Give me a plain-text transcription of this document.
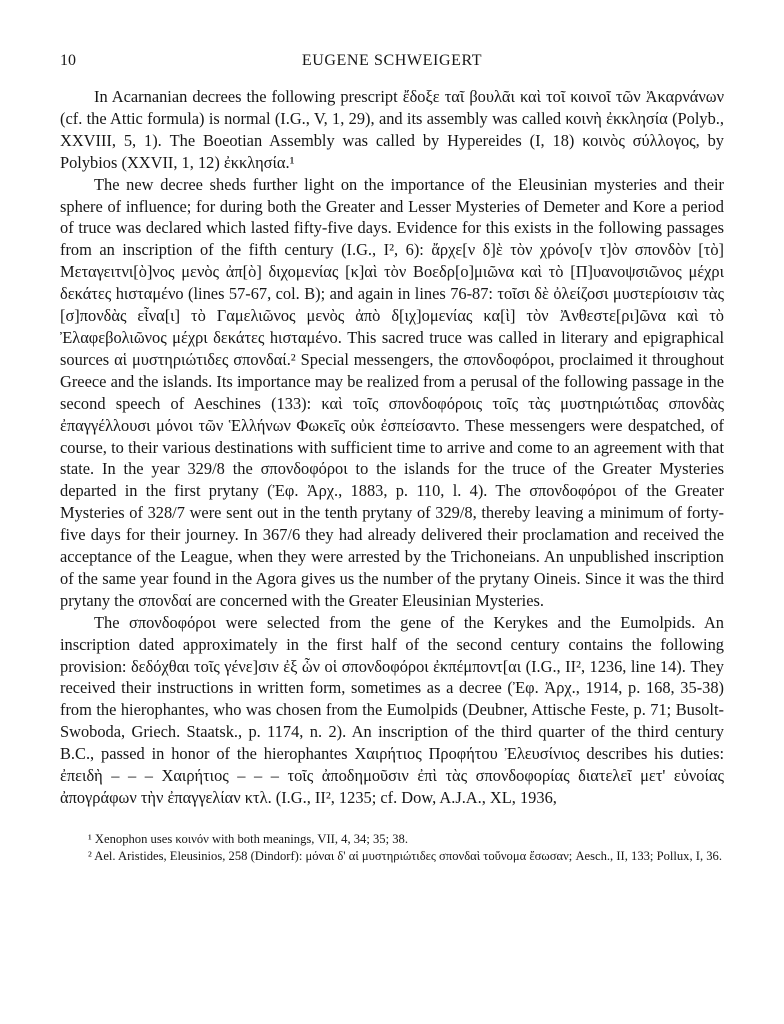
10	EUGENE SCHWEIGERT

In Acarnanian decrees the following prescript ἔδοξε ταῖ βουλᾶι καὶ τοῖ κοινοῖ τῶν Ἀκαρνάνων (cf. the Attic formula) is normal (I.G., V, 1, 29), and its assembly was called κοινὴ ἐκκλησία (Polyb., XXVIII, 5, 1). The Boeotian Assembly was called by Hypereides (I, 18) κοινὸς σύλλογος, by Polybios (XXVII, 1, 12) ἐκκλησία.¹

The new decree sheds further light on the importance of the Eleusinian mysteries and their sphere of influence; for during both the Greater and Lesser Mysteries of Demeter and Kore a period of truce was declared which lasted fifty-five days. Evidence for this exists in the following passages from an inscription of the fifth century (I.G., I², 6): ἄρχε[ν δ]ὲ τὸν χρόνο[ν τ]ὸν σπονδὸν [τὸ] Μεταγειτνι[ὸ]νος μενὸς ἀπ[ὸ] διχομενίας [κ]αὶ τὸν Βοεδρ[ο]μιῶνα καὶ τὸ [Π]υανοψσιῶνος μέχρι δεκάτες hισταμένο (lines 57-67, col. B); and again in lines 76-87: τοῖσι δὲ ὀλείζοσι μυστερίοισιν τὰς [σ]πονδὰς εἶνα[ι] τὸ Γαμελιῶνος μενὸς ἀπὸ δ[ιχ]ομενίας κα[ὶ] τὸν Ἀνθεστε[ρι]ῶνα καὶ τὸ Ἐλαφεβολιῶνος μέχρι δεκάτες hισταμένο. This sacred truce was called in literary and epigraphical sources αἱ μυστηριώτιδες σπονδαί.² Special messengers, the σπονδοφόροι, proclaimed it throughout Greece and the islands. Its importance may be realized from a perusal of the following passage in the second speech of Aeschines (133): καὶ τοῖς σπονδοφόροις τοῖς τὰς μυστηριώτιδας σπονδὰς ἐπαγγέλλουσι μόνοι τῶν Ἑλλήνων Φωκεῖς οὐκ ἐσπείσαντο. These messengers were despatched, of course, to their various destinations with sufficient time to arrive and come to an agreement with that state. In the year 329/8 the σπονδοφόροι to the islands for the truce of the Greater Mysteries departed in the first prytany (Ἐφ. Ἀρχ., 1883, p. 110, l. 4). The σπονδοφόροι of the Greater Mysteries of 328/7 were sent out in the tenth prytany of 329/8, thereby leaving a minimum of forty-five days for their journey. In 367/6 they had already delivered their proclamation and received the acceptance of the League, when they were arrested by the Trichoneians. An unpublished inscription of the same year found in the Agora gives us the number of the prytany Oineis. Since it was the third prytany the σπονδαί are concerned with the Greater Eleusinian Mysteries.

The σπονδοφόροι were selected from the gene of the Kerykes and the Eumolpids. An inscription dated approximately in the first half of the second century contains the following provision: δεδόχθαι τοῖς γένε]σιν ἐξ ὧν οἱ σπονδοφόροι ἐκπέμποντ[αι (I.G., II², 1236, line 14). They received their instructions in written form, sometimes as a decree (Ἐφ. Ἀρχ., 1914, p. 168, 35-38) from the hierophantes, who was chosen from the Eumolpids (Deubner, Attische Feste, p. 71; Busolt-Swoboda, Griech. Staatsk., p. 1174, n. 2). An inscription of the third quarter of the third century B.C., passed in honor of the hierophantes Χαιρήτιος Προφήτου Ἐλευσίνιος describes his duties: ἐπειδὴ – – – Χαιρήτιος – – – τοῖς ἀποδημοῦσιν ἐπὶ τὰς σπονδοφορίας διατελεῖ μετ' εὐνοίας ἀπογράφων τὴν ἐπαγγελίαν κτλ. (I.G., II², 1235; cf. Dow, A.J.A., XL, 1936,

¹ Xenophon uses κοινόν with both meanings, VII, 4, 34; 35; 38.

² Ael. Aristides, Eleusinios, 258 (Dindorf): μόναι δ' αἱ μυστηριώτιδες σπονδαὶ τοὔνομα ἔσωσαν; Aesch., II, 133; Pollux, I, 36.
